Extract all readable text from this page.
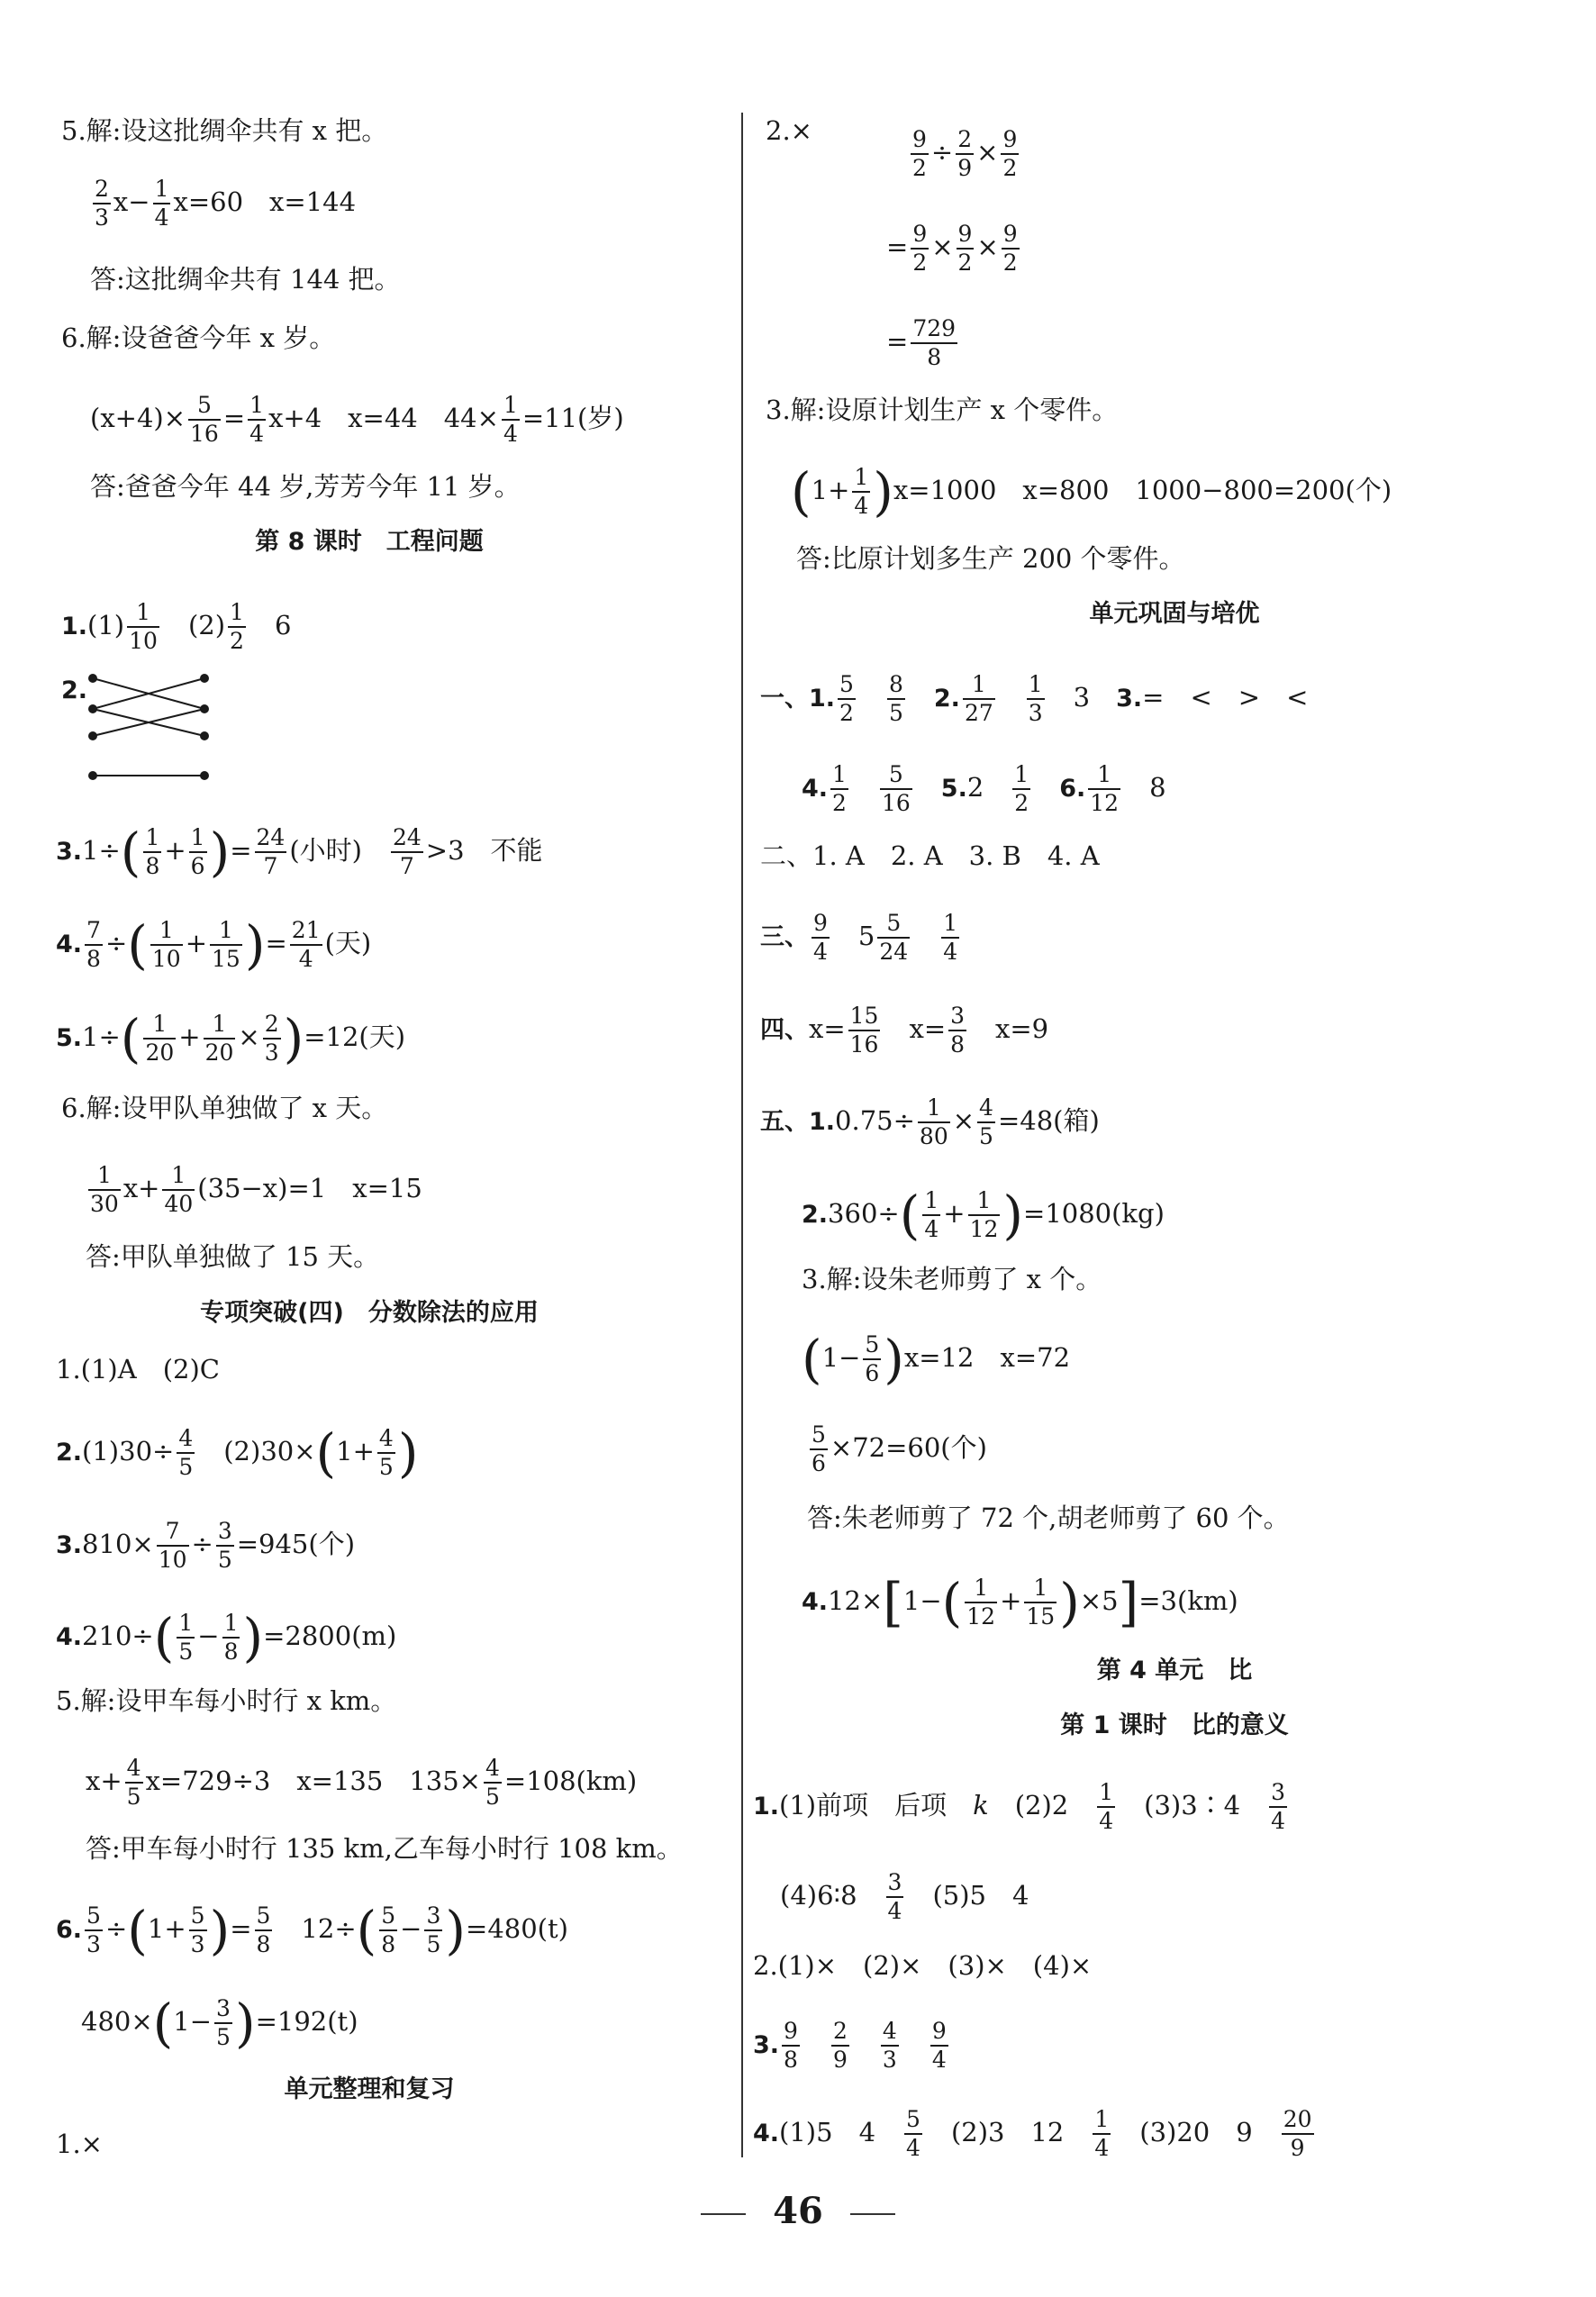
5.解:设这批绸伞共有 x 把。
$\frac{2}{3} x- \frac{1}{4} x=60$　x=144
答:这批绸伞共有 144 把。
6.解:设爸爸今年 x 岁。
$(x+4)\times \frac{5}{16} = \frac{1}{4} x+4$　x=44　$44\times \frac{1}{4} =11$(岁)
答:爸爸今年 44 岁,芳芳今年 11 岁。
第 8 课时　工程问题
$1.(1) \frac{1}{10}$ 　$(2) \frac{1}{2}$ 　6
2.
$3.1\div( \frac{1}{8} + \frac{1}{6}$ )= $\frac{24}{7}$ (小时)　 $\frac{24}{7} >3$　不能
4. $\frac{7}{8}$ ÷( $\frac{1}{10} + \frac{1}{15}$ )= $\frac{21}{4}$ (天)
$5.1\div( \frac{1}{20} + \frac{1}{20} \times \frac{2}{3} )=12$(天)
6.解:设甲队单独做了 x 天。
$\frac{1}{30} x+ \frac{1}{40} (35-x)=1$　x=15
答:甲队单独做了 15 天。
专项突破(四)　分数除法的应用
1.(1)A　(2)C
$2.(1)30\div \frac{4}{5}$ 　$(2)30\times(1+ \frac{4}{5}$ )
$3.810\times \frac{7}{10} \div \frac{3}{5} =945$(个)
$4.210\div( \frac{1}{5} - \frac{1}{8} )=2800(m)$
5.解:设甲车每小时行 x km。
$x+ \frac{4}{5} x=729\div 3$　x=135　$135\times \frac{4}{5} =108(km)$
答:甲车每小时行 135 km,乙车每小时行 108 km。
6. $\frac{5}{3} \div(1+ \frac{5}{3}$ )= $\frac{5}{8}$ 　$12\div( \frac{5}{8} - \frac{3}{5} )=480(t)$
$480\times(1- \frac{3}{5} )=192(t)$
单元整理和复习
1.×
2.×	$\frac{9}{2} \div \frac{2}{9} \times \frac{9}{2}$
= $\frac{9}{2} \times \frac{9}{2} \times \frac{9}{2}$
= $\frac{729}{8}$
3.解:设原计划生产 x 个零件。
$(1+ \frac{1}{4} )x=1000$　x=800　1000−800=200(个)
答:比原计划多生产 200 个零件。
单元巩固与培优
一、1. $\frac{5}{2}$
　 $\frac{8}{5}$
　 2. $\frac{1}{27}$
　 $\frac{1}{3}$ 　3　3.=　<　>　<
4. $\frac{1}{2}$
　 $\frac{5}{16}$
　 5.2　 $\frac{1}{2}$
　 6. $\frac{1}{12}$ 　8
二、1. A　2. A　3. B　4. A
三、 $\frac{9}{4}$ 　$5 \frac{5}{24}$
　 $\frac{1}{4}$
四、$x= \frac{15}{16}$ 　$x= \frac{3}{8}$ 　x=9
五、$1.0.75\div \frac{1}{80} \times \frac{4}{5} =48$(箱)
$2.360\div( \frac{1}{4} + \frac{1}{12} )=1080(kg)$
3.解:设朱老师剪了 x 个。
$(1- \frac{5}{6} )x=12$　x=72
$\frac{5}{6} \times 72=60$(个)
答:朱老师剪了 72 个,胡老师剪了 60 个。
$4.12\times[1-( \frac{1}{12} + \frac{1}{15} )\times 5]=3(km)$
第 4 单元　比
第 1 课时　比的意义
1.(1)前项　后项　k　(2)2　 $\frac{1}{4}$ 　(3)3∶4　 $\frac{3}{4}$
(4)6∶8　 $\frac{3}{4}$ 　(5)5　4
2.(1)×　(2)×　(3)×　(4)×
3. $\frac{9}{8}$
　 $\frac{2}{9}$
　 $\frac{4}{3}$
　 $\frac{9}{4}$
4.(1)5　4　 $\frac{5}{4}$ 　(2)3　12　 $\frac{1}{4}$ 　(3)20　9　 $\frac{20}{9}$
46
